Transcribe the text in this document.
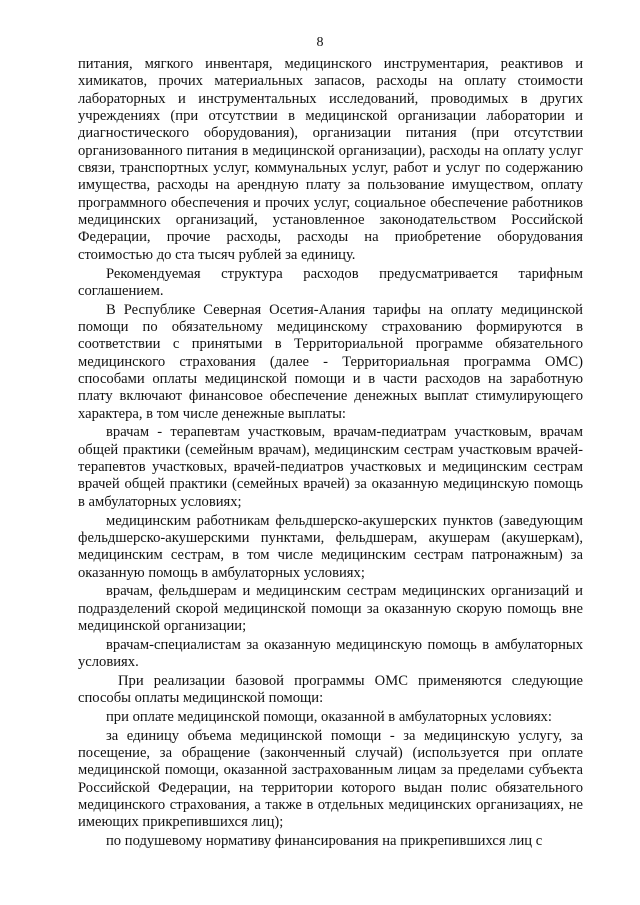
8

питания, мягкого инвентаря, медицинского инструментария, реактивов и химикатов, прочих материальных запасов, расходы на оплату стоимости лабораторных и инструментальных исследований, проводимых в других учреждениях (при отсутствии в медицинской организации лаборатории и диагностического оборудования), организации питания (при отсутствии организованного питания в медицинской организации), расходы на оплату услуг связи, транспортных услуг, коммунальных услуг, работ и услуг по содержанию имущества, расходы на арендную плату за пользование имуществом, оплату программного обеспечения и прочих услуг, социальное обеспечение работников медицинских организаций, установленное законодательством Российской Федерации, прочие расходы, расходы на приобретение оборудования стоимостью до ста тысяч рублей за единицу.

Рекомендуемая структура расходов предусматривается тарифным соглашением.

В Республике Северная Осетия-Алания тарифы на оплату медицинской помощи по обязательному медицинскому страхованию формируются в соответствии с принятыми в Территориальной программе обязательного медицинского страхования (далее - Территориальная программа ОМС) способами оплаты медицинской помощи и в части расходов на заработную плату включают финансовое обеспечение денежных выплат стимулирующего характера, в том числе денежные выплаты:

врачам - терапевтам участковым, врачам-педиатрам участковым, врачам общей практики (семейным врачам), медицинским сестрам участковым врачей-терапевтов участковых, врачей-педиатров участковых и медицинским сестрам врачей общей практики (семейных врачей) за оказанную медицинскую помощь в амбулаторных условиях;

медицинским работникам фельдшерско-акушерских пунктов (заведующим фельдшерско-акушерскими пунктами, фельдшерам, акушерам (акушеркам), медицинским сестрам, в том числе медицинским сестрам патронажным) за оказанную помощь в амбулаторных условиях;

врачам, фельдшерам и медицинским сестрам медицинских организаций и подразделений скорой медицинской помощи за оказанную скорую помощь вне медицинской организации;

врачам-специалистам за оказанную медицинскую помощь в амбулаторных условиях.

При реализации базовой программы ОМС применяются следующие способы оплаты медицинской помощи:

при оплате медицинской помощи, оказанной в амбулаторных условиях:

за единицу объема медицинской помощи - за медицинскую услугу, за посещение, за обращение (законченный случай) (используется при оплате медицинской помощи, оказанной застрахованным лицам за пределами субъекта Российской Федерации, на территории которого выдан полис обязательного медицинского страхования, а также в отдельных медицинских организациях, не имеющих прикрепившихся лиц);

по подушевому нормативу финансирования на прикрепившихся лиц с
